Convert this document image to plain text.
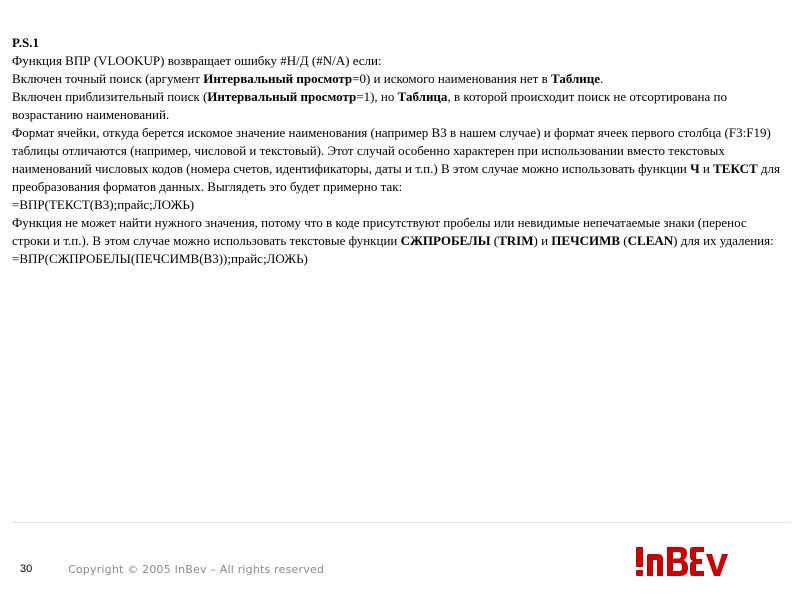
P.S.1

Функция ВПР (VLOOKUP) возвращает ошибку #Н/Д (#N/A) если:

Включен точный поиск (аргумент Интервальный просмотр=0) и искомого наименования нет в Таблице.

Включен приблизительный поиск (Интервальный просмотр=1), но Таблица, в которой происходит поиск не отсортирована по возрастанию наименований.

Формат ячейки, откуда берется искомое значение наименования (например B3 в нашем случае) и формат ячеек первого столбца (F3:F19) таблицы отличаются (например, числовой и текстовый). Этот случай особенно характерен при использовании вместо текстовых наименований числовых кодов (номера счетов, идентификаторы, даты и т.п.) В этом случае можно использовать функции Ч и ТЕКСТ для преобразования форматов данных. Выглядеть это будет примерно так:

=ВПР(ТЕКСТ(B3);прайс;ЛОЖЬ)

Функция не может найти нужного значения, потому что в коде присутствуют пробелы или невидимые непечатаемые знаки (перенос строки и т.п.). В этом случае можно использовать текстовые функции СЖПРОБЕЛЫ (TRIM) и ПЕЧСИМВ (CLEAN) для их удаления:

=ВПР(СЖПРОБЕЛЫ(ПЕЧСИМВ(B3));прайс;ЛОЖЬ)

30	Copyright © 2005 InBev – All rights reserved
